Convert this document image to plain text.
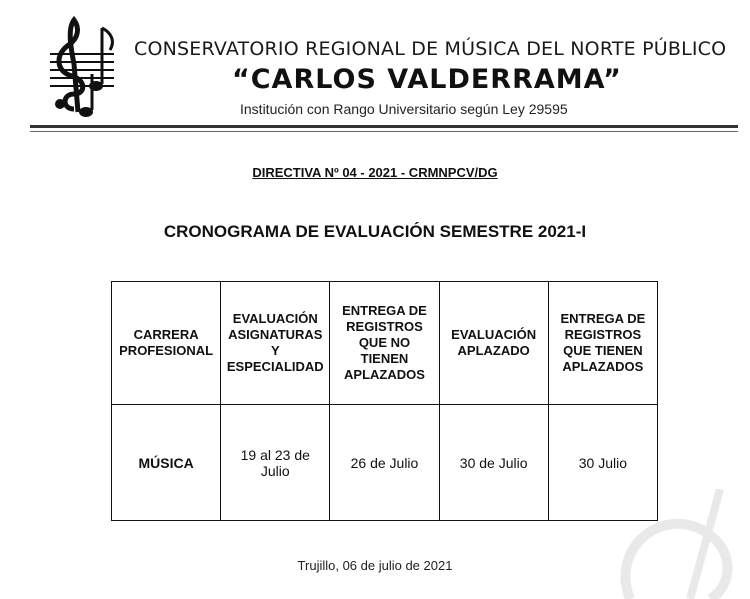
CONSERVATORIO REGIONAL DE MÚSICA DEL NORTE PÚBLICO
“CARLOS VALDERRAMA”
Institución con Rango Universitario según Ley 29595
DIRECTIVA Nº 04 - 2021 - CRMNPCV/DG
CRONOGRAMA DE EVALUACIÓN SEMESTRE 2021-I
CARRERA PROFESIONAL	EVALUACIÓN ASIGNATURAS Y ESPECIALIDAD	ENTREGA DE REGISTROS QUE NO TIENEN APLAZADOS	EVALUACIÓN APLAZADO	ENTREGA DE REGISTROS QUE TIENEN APLAZADOS
MÚSICA	19 al 23 de Julio	26 de Julio	30 de Julio	30 Julio
Trujillo, 06 de julio de 2021
